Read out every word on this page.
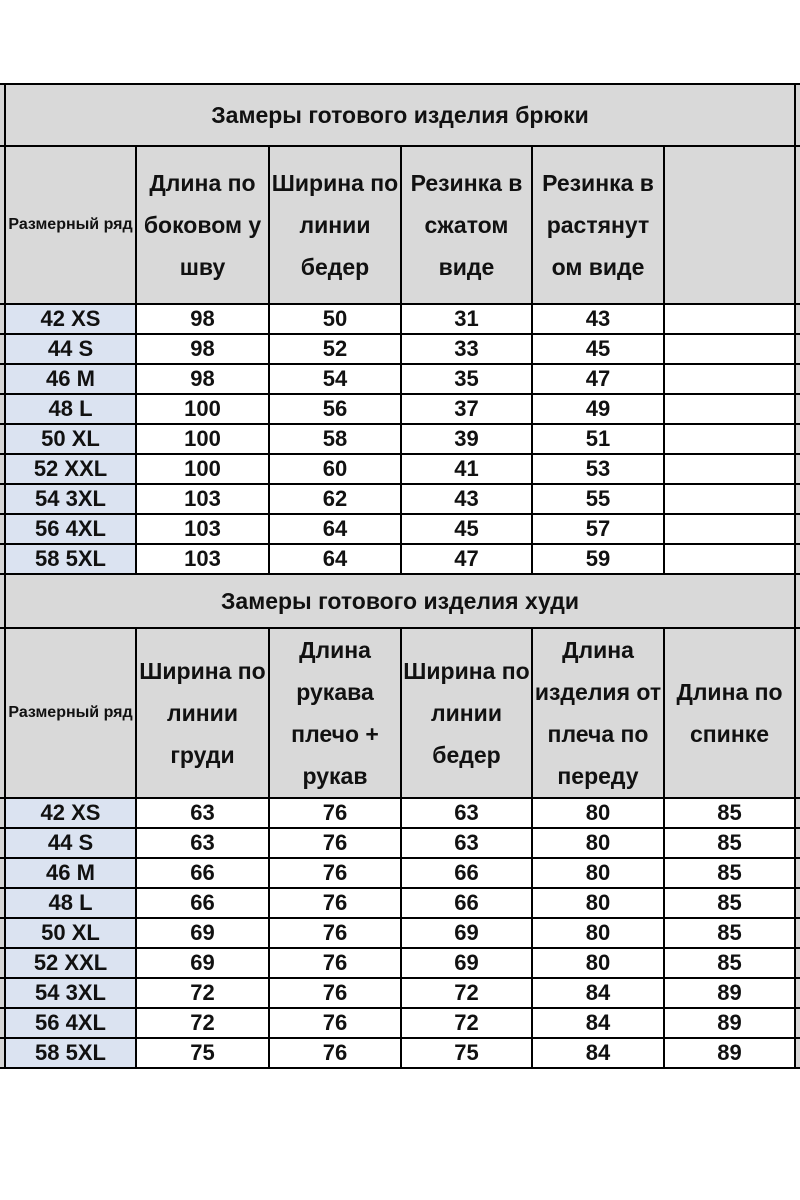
	Замеры готового изделия брюки						
	Размерный ряд	Длина по боковом у шву	Ширина по линии бедер	Резинка в сжатом виде	Резинка в растянут ом виде		
	42 XS	98	50	31	43		
	44 S	98	52	33	45		
	46 M	98	54	35	47		
	48 L	100	56	37	49		
	50 XL	100	58	39	51		
	52 XXL	100	60	41	53		
	54 3XL	103	62	43	55		
	56 4XL	103	64	45	57		
	58 5XL	103	64	47	59		
	Замеры готового изделия худи						
	Размерный ряд	Ширина по линии груди	Длина рукава плечо + рукав	Ширина по линии бедер	Длина изделия от плеча по переду	Длина по спинке	
	42 XS	63	76	63	80	85	
	44 S	63	76	63	80	85	
	46 M	66	76	66	80	85	
	48 L	66	76	66	80	85	
	50 XL	69	76	69	80	85	
	52 XXL	69	76	69	80	85	
	54 3XL	72	76	72	84	89	
	56 4XL	72	76	72	84	89	
	58 5XL	75	76	75	84	89	
